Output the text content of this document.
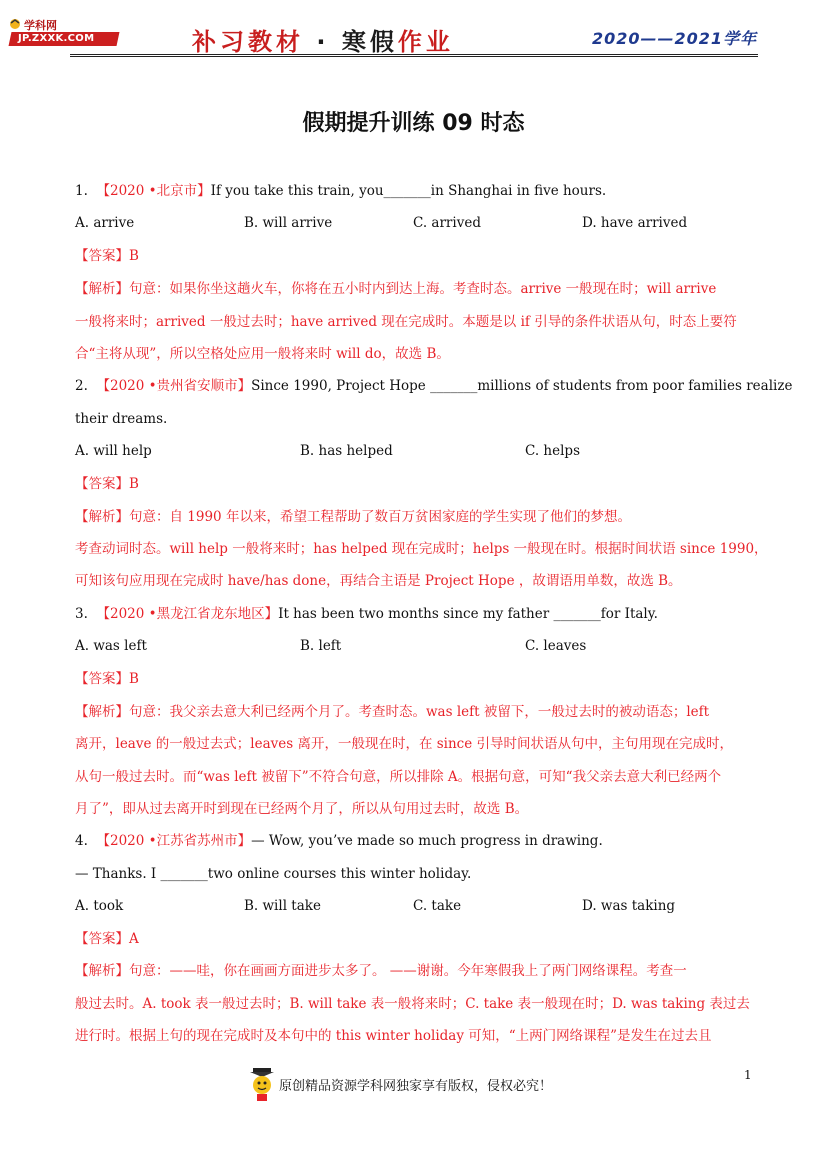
学科网
JP.ZXXK.COM	补习教材 · 寒假作业	2020——2021学年
假期提升训练 09 时态
1. 【2020 •北京市】If you take this train, you_______in Shanghai in five hours.
A. arrive	B. will arrive	C. arrived	D. have arrived
【答案】B
【解析】句意：如果你坐这趟火车，你将在五小时内到达上海。考查时态。arrive 一般现在时；will arrive
一般将来时；arrived 一般过去时；have arrived 现在完成时。本题是以 if 引导的条件状语从句，时态上要符
合“主将从现”，所以空格处应用一般将来时 will do，故选 B。
2. 【2020 •贵州省安顺市】Since 1990, Project Hope _______millions of students from poor families realize
their dreams.
A. will help	B. has helped	C. helps
【答案】B
【解析】句意：自 1990 年以来，希望工程帮助了数百万贫困家庭的学生实现了他们的梦想。
考查动词时态。will help 一般将来时；has helped 现在完成时；helps 一般现在时。根据时间状语 since 1990，
可知该句应用现在完成时 have/has done，再结合主语是 Project Hope ，故谓语用单数，故选 B。
3. 【2020 •黑龙江省龙东地区】It has been two months since my father _______for Italy.
A. was left	B. left	C. leaves
【答案】B
【解析】句意：我父亲去意大利已经两个月了。考查时态。was left 被留下，一般过去时的被动语态；left
离开，leave 的一般过去式；leaves 离开，一般现在时，在 since 引导时间状语从句中，主句用现在完成时，
从句一般过去时。而“was left 被留下”不符合句意，所以排除 A。根据句意，可知“我父亲去意大利已经两个
月了”，即从过去离开时到现在已经两个月了，所以从句用过去时，故选 B。
4. 【2020 •江苏省苏州市】— Wow, you’ve made so much progress in drawing.
— Thanks. I _______two online courses this winter holiday.
A. took	B. will take	C. take	D. was taking
【答案】A
【解析】句意：——哇，你在画画方面进步太多了。 ——谢谢。今年寒假我上了两门网络课程。考查一
般过去时。A. took 表一般过去时；B. will take 表一般将来时；C. take 表一般现在时；D. was taking 表过去
进行时。根据上句的现在完成时及本句中的 this winter holiday 可知，“上两门网络课程”是发生在过去且
1
原创精品资源学科网独家享有版权，侵权必究！
